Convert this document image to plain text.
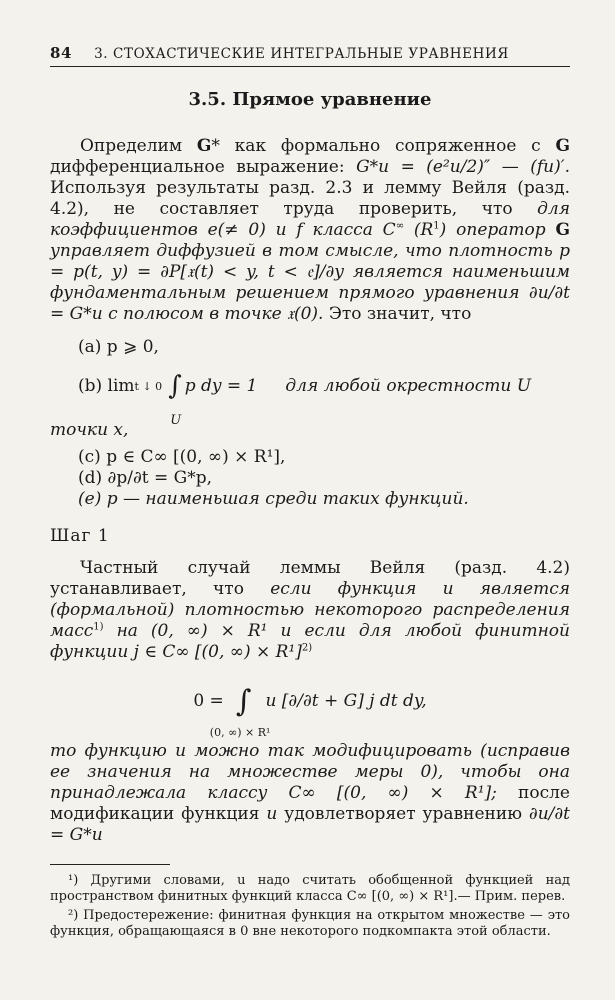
84 3. СТОХАСТИЧЕСКИЕ ИНТЕГРАЛЬНЫЕ УРАВНЕНИЯ
3.5. Прямое уравнение
Определим G* как формально сопряженное с G дифференциальное выражение: G*u = (e²u/2)″ — (fu)′. Используя результаты разд. 2.3 и лемму Вейля (разд. 4.2), не составляет труда проверить, что для коэффициентов e(≠ 0) и f класса C∞ $(R^1)$ оператор G управляет диффузией в том смысле, что плотность p = p(t, y) = ∂P[𝔵(t) < y, t < 𝔢]/∂y является наименьшим фундаментальным решением прямого уравнения ∂u/∂t = G*u с полюсом в точке 𝔵(0). Это значит, что
(a) p ⩾ 0,
(b) lim t ↓ 0 ∫
U
p dy = 1 для любой окрестности U
точки x,
(c) p ∈ C∞ [(0, ∞) × R¹],
(d) ∂p/∂t = G*p,
(e) p — наименьшая среди таких функций.
Шаг 1
Частный случай леммы Вейля (разд. 4.2) устанавливает, что если функция и является (формальной) плотностью некоторого распределения масс$^{1)}$ на (0, ∞) × R¹ и если для любой финитной функции j ∈ C∞ [(0, ∞) × R¹]$^{2)}$
0 = ∫
(0, ∞) × R¹
u [∂/∂t + G] j dt dy,
то функцию и можно так модифицировать (исправив ее значения на множестве меры 0), чтобы она принадлежала классу C∞ [(0, ∞) × R¹]; после модификации функция u удовлетворяет уравнению ∂u/∂t = G*u

¹) Другими словами, u надо считать обобщенной функцией над пространством финитных функций класса C∞ [(0, ∞) × R¹].— Прим. перев.

²) Предостережение: финитная функция на открытом множестве — это функция, обращающаяся в 0 вне некоторого подкомпакта этой области.
